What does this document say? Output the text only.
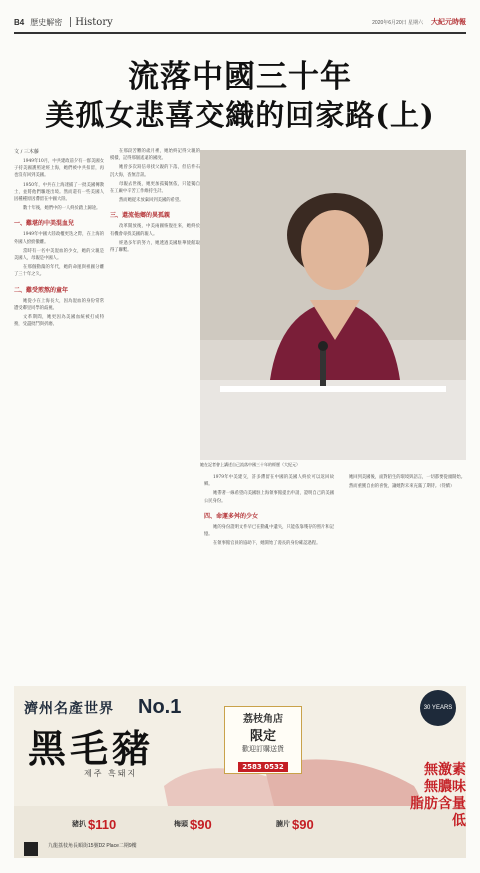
B4 歷史解密 History	2020年6月20日 星期六 大紀元時報
流落中國三十年
美孤女悲喜交織的回家路(上)

文 / 三木藤

1949年10月，中共建政前夕有一群美國女子持美國護照途經上海，她們被中共扣留，再也沒有回到美國。

1950年，中共在上海逮捕了一批美國傳教士，並將他們驅逐出境。然而還有一些美國人因種種原因滯留在中國大陸。

數十年後，她們中的一人終於踏上歸途。

一、難堪的中美混血兒

1949年中國大陸政權更迭之際，在上海的外國人紛紛撤離。

當時有一名中美混血的少女，她的父親是美國人，母親是中國人。

在那個動蕩的年代，她的命運與祖國分離了三十年之久。

二、難受煎熬的童年

她從小在上海長大，因為混血的身份常常遭受鄰里同學的歧視。

文革期間，她更因為美國血統被打成特務，受盡批鬥與折磨。

在那段苦難的歲月裡，她始終記得父親的模樣，記得那個遙遠的國度。

她曾多次寫信尋找父親的下落，但信件石沉大海，杳無音訊。

母親去世後，她更加孤獨無依，只能獨自在工廠中辛苦工作維持生計。

然而她從未放棄回到美國的希望。

三、還流他鄉的異孤親

改革開放後，中美兩國恢復往來，她終於有機會尋找美國的親人。

經過多年的努力，她透過美國駐華使館取得了聯繫。

1979年中美建交，許多滯留在中國的美國人終於可以返回故鄉。

她帶著一線希望向美國駐上海領事館提出申請，證明自己的美國公民身份。

四、命運多舛的少女

她的身份證明文件早已在動亂中遺失，只能依靠殘存的照片和記憶。

在領事館官員的協助下，她開始了漫長的身份確認過程。

她回到美國後，面對陌生的環境與語言，一切都要從頭開始。

然而重獲自由的喜悅，讓她對未來充滿了期待。（待續）

她在記者會上講述自己流落中國三十年的經歷（大紀元）
濟州名產世界 No.1
黑毛豬
제주 흑돼지
荔枝角店
限定
歡迎訂購送貨
2583 0532
30 YEARS
無激素
無膿味
脂肪含量低
豬扒 $110	梅頭 $90	腩片 $90
九龍荔枝角長順街15號D2 Place二期9樓
